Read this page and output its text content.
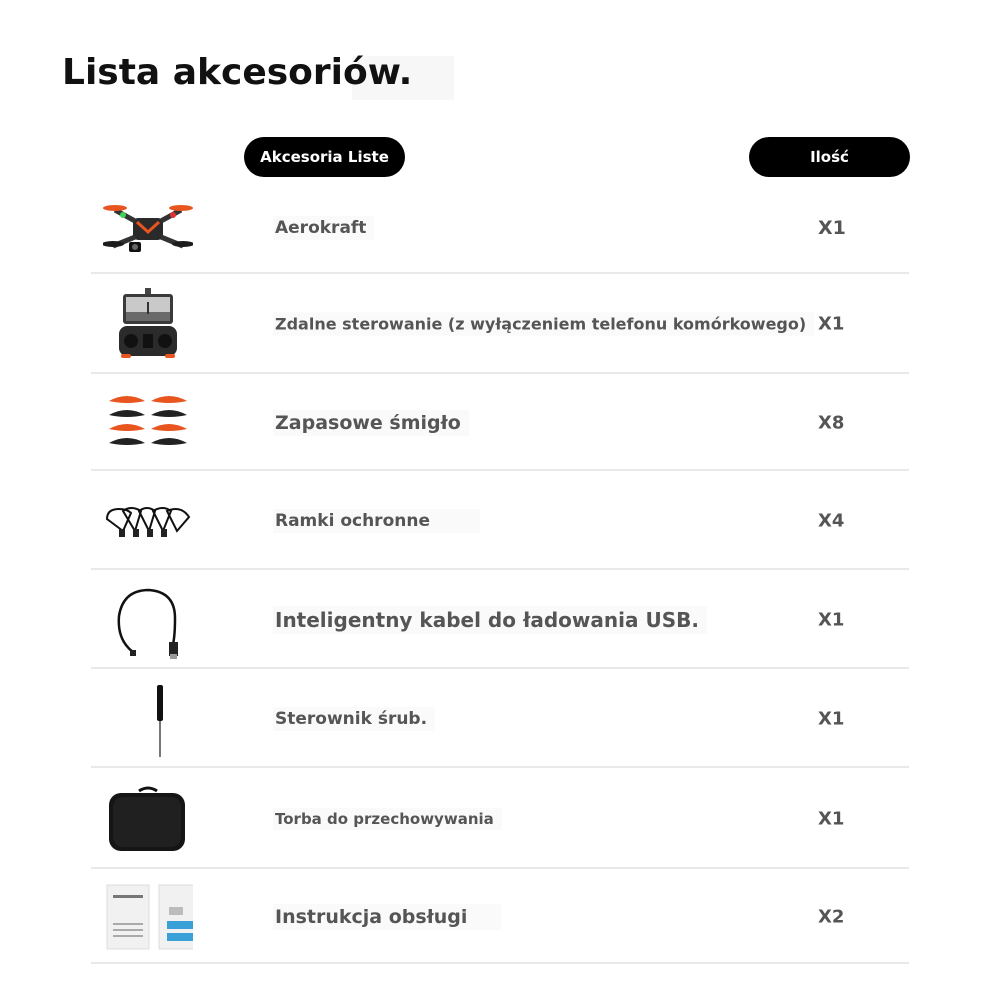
Lista akcesoriów.
Akcesoria Liste	Ilość
Aerokraft	X1
Zdalne sterowanie (z wyłączeniem telefonu komórkowego) X1
Zapasowe śmigło	X8
Ramki ochronne	X4
Inteligentny kabel do ładowania USB.	X1
Sterownik śrub.	X1
Torba do przechowywania	X1
Instrukcja obsługi	X2
